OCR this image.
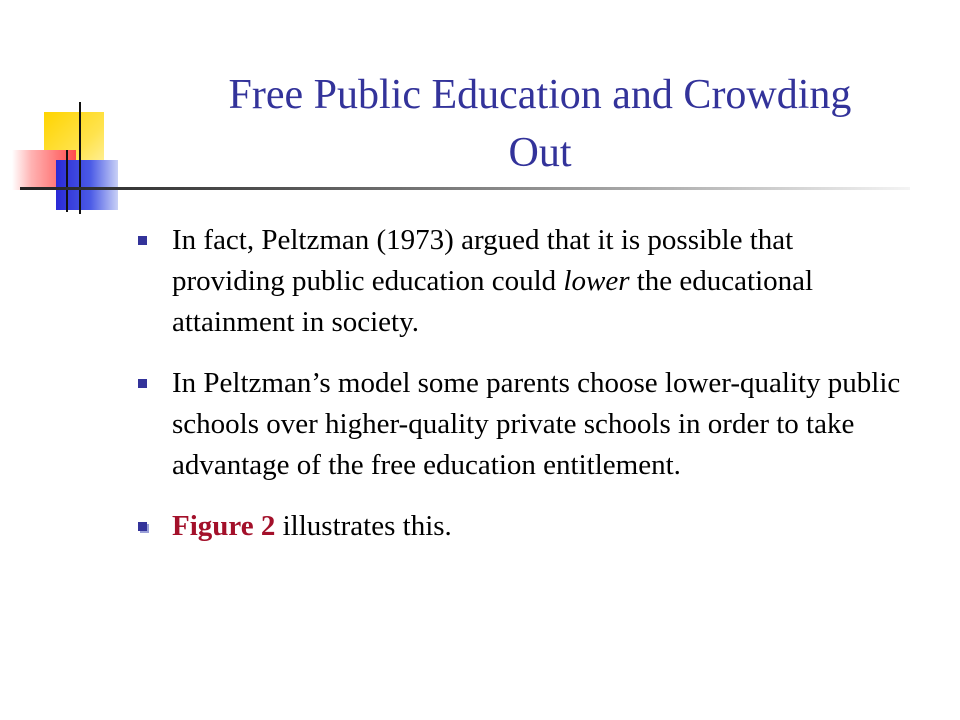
Free Public Education and Crowding
Out
In fact, Peltzman (1973) argued that it is possible that providing public education could lower the educational attainment in society.
In Peltzman’s model some parents choose lower-quality public schools over higher-quality private schools in order to take advantage of the free education entitlement.
Figure 2 illustrates this.
